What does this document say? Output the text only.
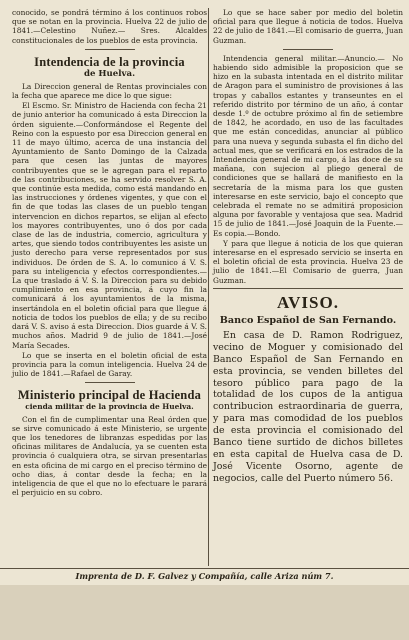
conocido, se pondrá término á los continuos robos que se notan en la provincia. Huelva 22 de julio de 1841.—Celestino Nuñez.— Sres. Alcaldes constitucionales de los pueblos de esta provincia.

Intendencia de la provincia
de Huelva.

La Direccion general de Rentas provinciales con la fecha que aparece me dice lo que sigue:

El Escmo. Sr. Ministro de Hacienda con fecha 21 de junio anterior ha comunicado á esta Direccion la órden siguiente.—Conformándose el Regente del Reino con la espuesto por esa Direccion general en 11 de mayo último, acerca de una instancia del Ayuntamiento de Santo Domingo de la Calzada para que cesen las juntas de mayores contribuyentes que se le agregan para el reparto de las contribuciones, se ha servido resolver S. A. que continúe esta medida, como está mandando en las instrucciones y órdenes vigentes, y que con el fin de que todas las clases de un pueblo tengan intervencion en dichos repartos, se elijan al efecto los mayores contribuyentes, uno ó dos por cada clase de las de industria, comercio, agricultura y artes, que siendo todos contribuyentes les asiste un justo derecho para verse representados por sus individuos. De órden de S. A. lo comunico á V. S. para su inteligencia y efectos correspondientes.—La que traslado á V. S. la Direccion para su debido cumplimiento en esa provincia, á cuyo fin la comunicará á los ayuntamientos de la misma, insertándola en el boletin oficial para que llegue á noticia de todos los pueblos de ella; y de su recibo dará V. S. aviso á esta Direccion. Dios guarde á V. S. muchos años. Madrid 9 de julio de 1841.—José María Secades.

Lo que se inserta en el boletin oficial de esta provincia para la comun inteligencia. Huelva 24 de julio de 1841.—Rafael de Garay.

Ministerio principal de Hacienda

cienda militar de la provincia de Huelva.

Con el fin de cumplimentar una Real órden que se sirve comunicado á este Ministerio, se urgente que los tenedores de libranzas espedidas por las oficinas militares de Andalucía, ya se cuenten esta provincia ó cualquiera otra, se sirvan presentarlas en esta oficina de mi cargo en el preciso término de ocho dias, á contar desde la fecha; en la inteligencia de que el que no lo efectuare le parará el perjuicio en su cobro.

Lo que se hace saber por medio del boletin oficial para que llegue á noticia de todos. Huelva 22 de julio de 1841.—El comisario de guerra, Juan Guzman.

Intendencia general militar.—Anuncio.— No habiendo sido admisible la proposicion que se hizo en la subasta intentada en el distrito militar de Aragon para el suministro de provisiones á las tropas y caballos estantes y transeuntes en el referido distrito por término de un año, á contar desde 1.º de octubre próximo al fin de setiembre de 1842, he acordado, en uso de las facultades que me están concedidas, anunciar al público para una nueva y segunda subasta el fin dicho del actual mes, que se verificará en los estrados de la Intendencia general de mi cargo, á las doce de su mañana, con sujecion al pliego general de condiciones que se hallará de manifiesto en la secretaría de la misma para los que gusten interesarse en este servicio, bajo el concepto que celebrada el remate no se admitirá proposicion alguna por favorable y ventajosa que sea. Madrid 15 de julio de 1841.—José Joaquin de la Fuente.—Es copia.—Bondo.

Y para que llegue á noticia de los que quieran interesarse en el espresado servicio se inserta en el boletin oficial de esta provincia. Huelva 23 de julio de 1841.—El Comisario de guerra, Juan Guzman.

AVISO.
Banco Español de San Fernando.

En casa de D. Ramon Rodriguez, vecino de Moguer y comisionado del Banco Español de San Fernando en esta provincia, se venden billetes del tesoro público para pago de la totalidad de los cupos de la antigua contribucion estraordinaria de guerra, y para mas comodidad de los pueblos de esta provincia el comisionado del Banco tiene surtido de dichos billetes en esta capital de Huelva casa de D. José Vicente Osorno, agente de negocios, calle del Puerto número 56.

Imprenta de D. F. Galvez y Compañía, calle Ariza núm 7.
